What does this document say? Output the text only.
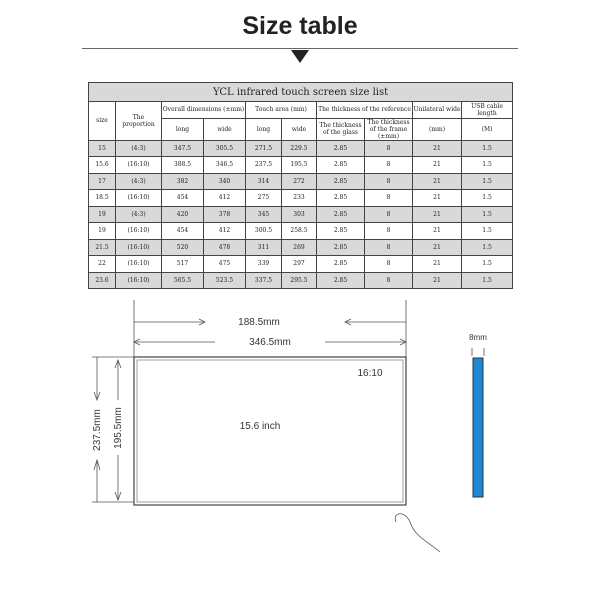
Size table
YCL infrared touch screen size list									
size	The proportion	Overall dimensions (±mm)		Touch area (mm)		The thickness of the reference		Unilateral wide	USB cable length
		long	wide	long	wide	The thickness of the glass	The thickness of the frame (±mm)	(mm)	(M)
15	(4:3)	347.5	305.5	271.5	229.5	2.85	8	21	1.5
15.6	(16:10)	388.5	346.5	237.5	195.5	2.85	8	21	1.5
17	(4:3)	382	340	314	272	2.85	8	21	1.5
18.5	(16:10)	454	412	275	233	2.85	8	21	1.5
19	(4:3)	420	378	345	303	2.85	8	21	1.5
19	(16:10)	454	412	300.5	258.5	2.85	8	21	1.5
21.5	(16:10)	520	478	311	269	2.85	8	21	1.5
22	(16:10)	517	475	339	297	2.85	8	21	1.5
23.6	(16:10)	565.5	523.5	337.5	295.5	2.85	8	21	1.5
188.5mm
346.5mm
16:10
15.6 inch
237.5mm 195.5mm
8mm
